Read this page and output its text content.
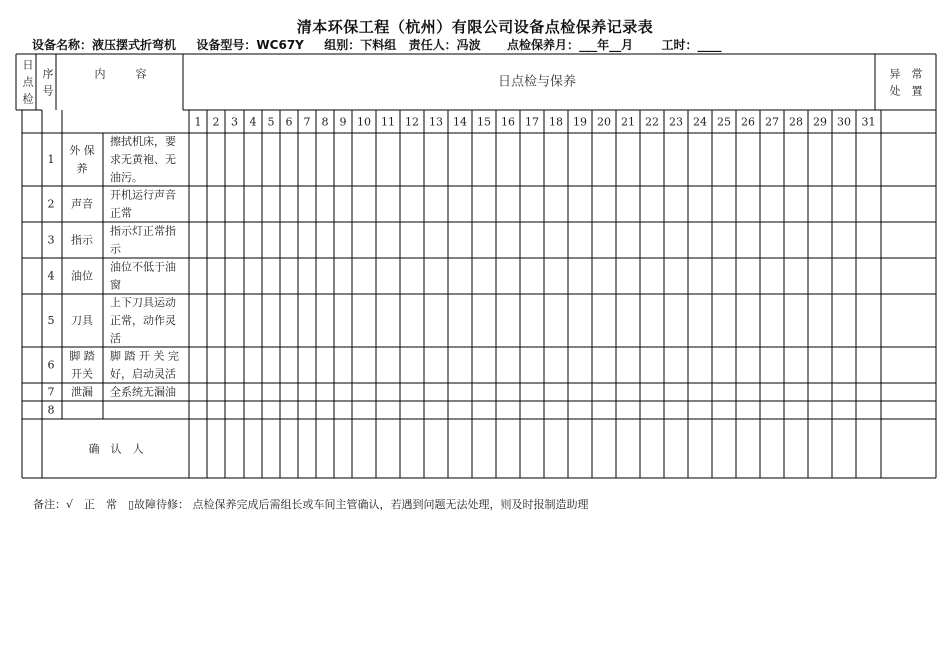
清本环保工程（杭州）有限公司设备点检保养记录表
设备名称：液压摆式折弯机 设备型号：WC67Y 组别：下料组 责任人：冯波 点检保养月：___年__月 工时：____
日
点
检
序
号
内	容
日点检与保养
异　常
处　置
1 2 3 4 5 6 7 8 9 10 11 12 13 14 15 16 17 18 19 20 21 22 23 24 25 26 27 28 29 30 31
1
外 保
养
擦拭机床，要
求无黄袍、无
油污。
2 声音
开机运行声音
正常
3 指示
指示灯正常指
示
4 油位
油位不低于油
窗
5 刀具
上下刀具运动
正常，动作灵
活
6
脚 踏
开关
脚 踏 开 关 完
好，启动灵活
7 泄漏 全系统无漏油
8
确　认　人
备注：√　正　常　▯故障待修： 点检保养完成后需组长或车间主管确认，若遇到问题无法处理，则及时报制造助理
